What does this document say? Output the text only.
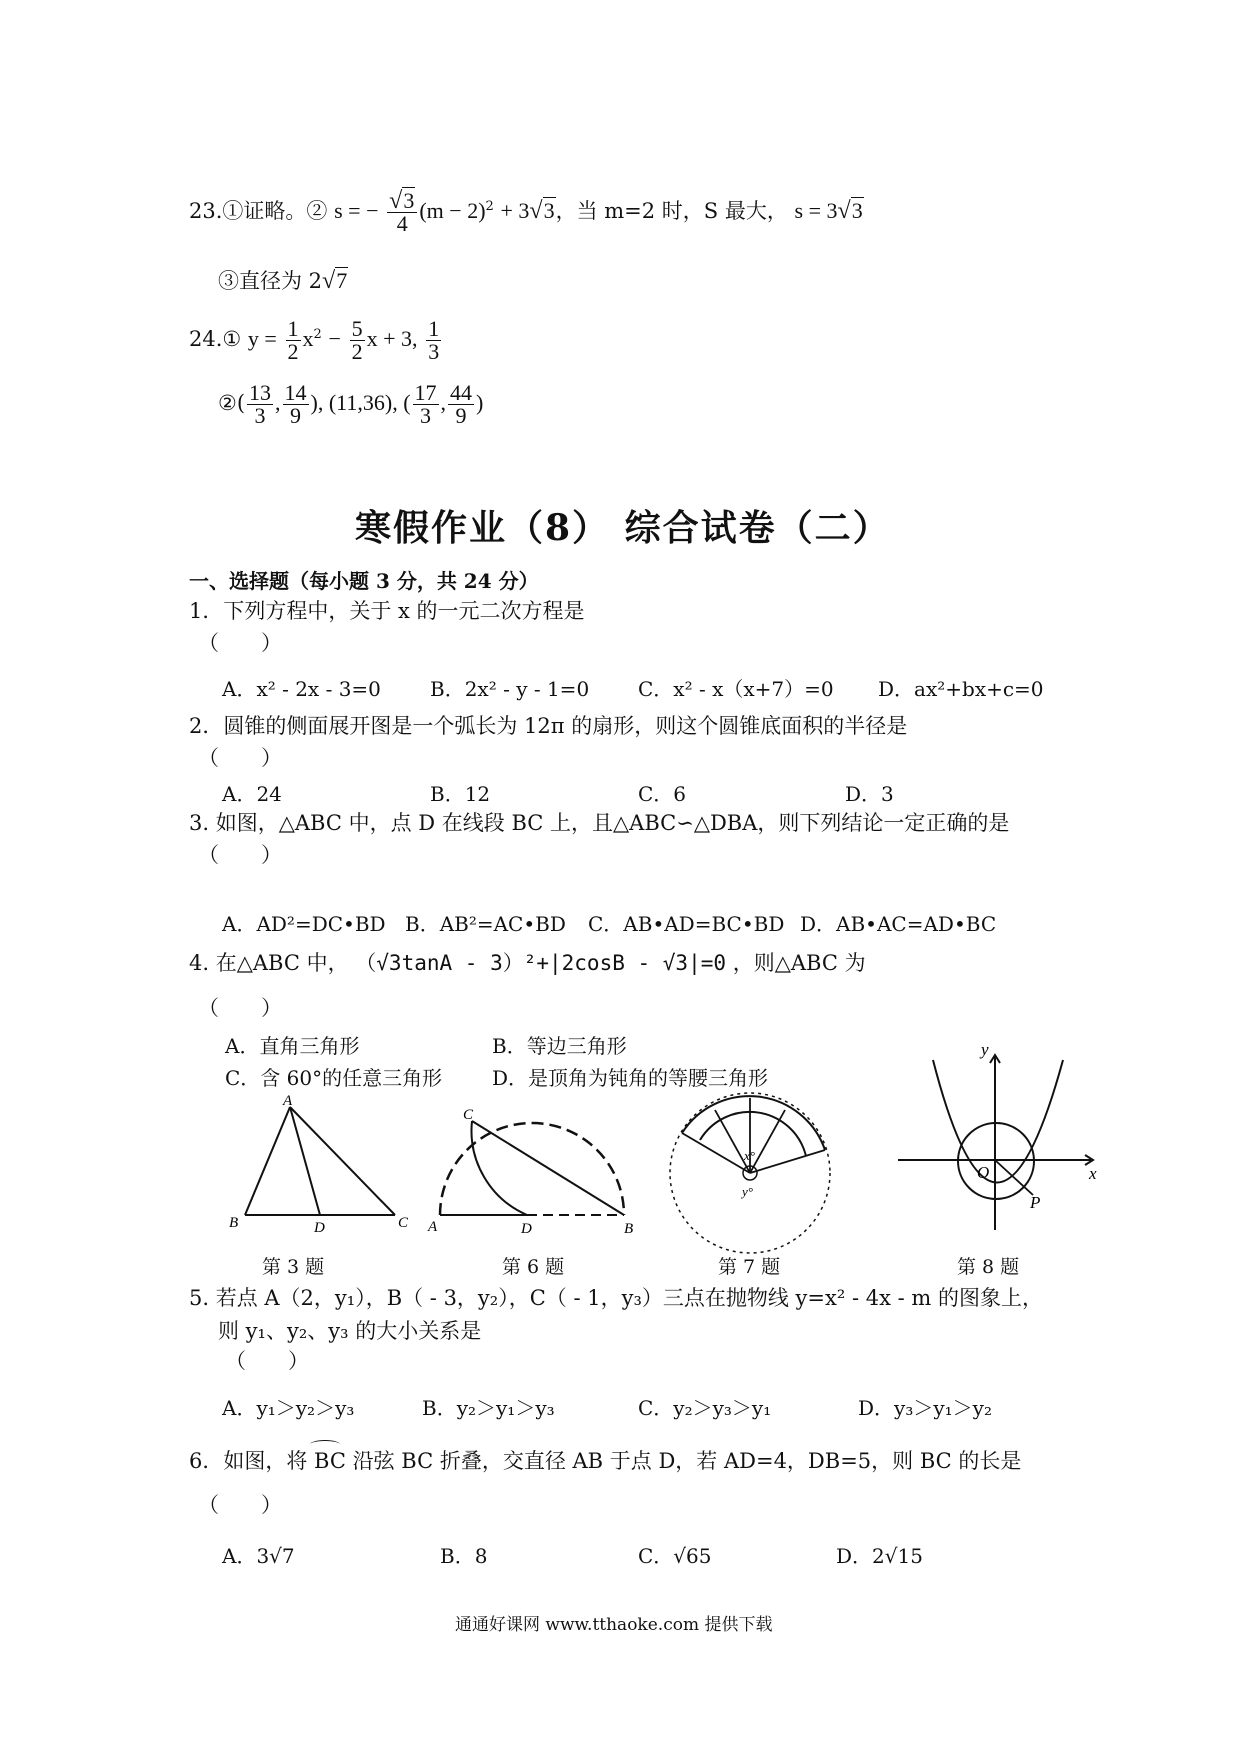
23.①证略。② s = − $\frac{√3}{4} (m - 2)^2 + 3√3$，当 m=2 时，S 最大， s = 3√3
③直径为 2√7
24.① $y = \frac{1}{2} x^2 - \frac{5}{2}$ x + 3, $\frac{1}{3}$
②( $\frac{13}{3}$ , $\frac{14}{9}$ ), (11,36), ( $\frac{17}{3}$ , $\frac{44}{9}$ )
寒假作业（8） 综合试卷（二）
一、选择题（每小题 3 分，共 24 分）
1．下列方程中，关于 x 的一元二次方程是
（　　）
A．x² - 2x - 3=0 B．2x² - y - 1=0 C．x² - x（x+7）=0 D．ax²+bx+c=0
2．圆锥的侧面展开图是一个弧长为 12π 的扇形，则这个圆锥底面积的半径是
（　　）
A．24	B．12	C．6	D．3
3. 如图，△ABC 中，点 D 在线段 BC 上，且△ABC∽△DBA，则下列结论一定正确的是
（　　）
A．AD²=DC•BD B．AB²=AC•BD C．AB•AD=BC•BD D．AB•AC=AD•BC
4. 在△ABC 中， （√3tanA - 3）²+|2cosB - √3|=0 ，则△ABC 为
（　　）
A．直角三角形	B．等边三角形
C．含 60°的任意三角形 D．是顶角为钝角的等腰三角形
A
B	D	C
C
A	D	B
x°
y°
y
x
O
P
第 3 题	第 6 题	第 7 题	第 8 题
5. 若点 A（2，y₁），B（ - 3，y₂），C（ - 1，y₃）三点在抛物线 y=x² - 4x - m 的图象上，
则 y₁、y₂、y₃ 的大小关系是
（　　）
A．y₁＞y₂＞y₃	B．y₂＞y₁＞y₃	C．y₂＞y₃＞y₁	D．y₃＞y₁＞y₂
6．如图，将 BC 沿弦 BC 折叠，交直径 AB 于点 D，若 AD=4，DB=5，则 BC 的长是
（　　）
A．3√7	B．8	C．√65	D．2√15
通通好课网 www.tthaoke.com 提供下载
